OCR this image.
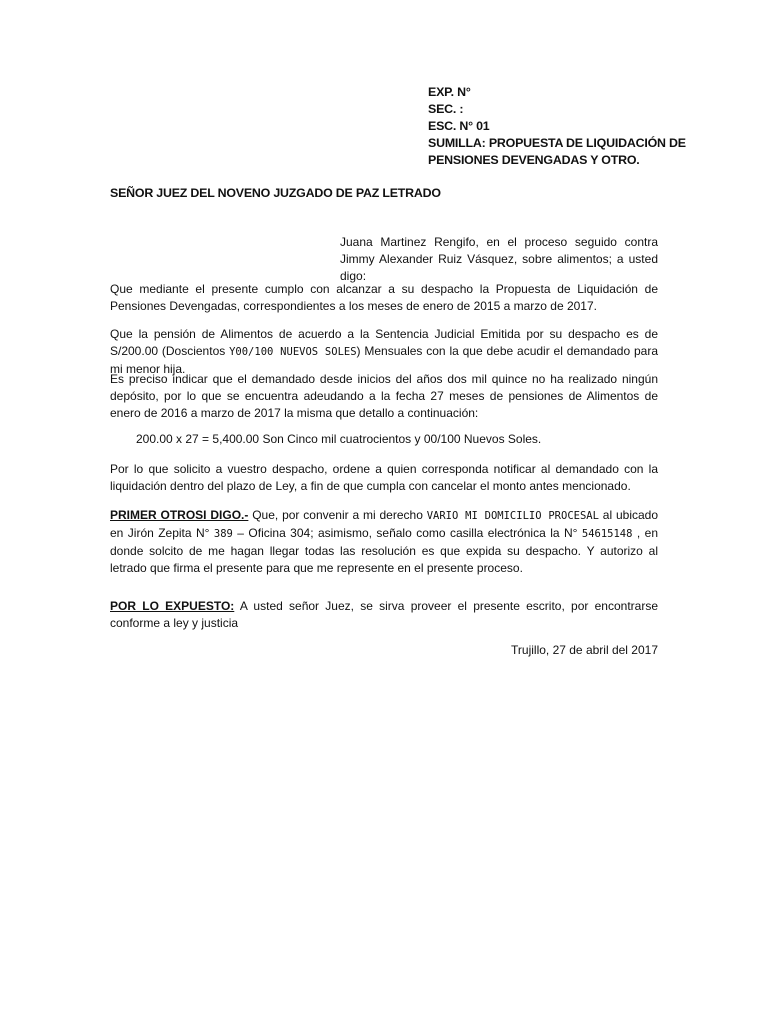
EXP. N°
SEC. :
ESC. N° 01
SUMILLA: PROPUESTA DE LIQUIDACIÓN DE
PENSIONES DEVENGADAS Y OTRO.
SEÑOR JUEZ DEL NOVENO JUZGADO DE PAZ LETRADO
Juana Martinez Rengifo, en el proceso seguido contra Jimmy Alexander Ruiz Vásquez, sobre alimentos; a usted digo:
Que mediante el presente cumplo con alcanzar a su despacho la Propuesta de Liquidación de Pensiones Devengadas, correspondientes a los meses de enero de 2015 a marzo de 2017.
Que la pensión de Alimentos de acuerdo a la Sentencia Judicial Emitida por su despacho es de S/200.00 (Doscientos Y00/100 NUEVOS SOLES) Mensuales con la que debe acudir el demandado para mi menor hija.
Es preciso indicar que el demandado desde inicios del años dos mil quince no ha realizado ningún depósito, por lo que se encuentra adeudando a la fecha 27 meses de pensiones de Alimentos de enero de 2016 a marzo de 2017 la misma que detallo a continuación:
200.00 x 27 = 5,400.00 Son Cinco mil cuatrocientos y 00/100 Nuevos Soles.
Por lo que solicito a vuestro despacho, ordene a quien corresponda notificar al demandado con la liquidación dentro del plazo de Ley, a fin de que cumpla con cancelar el monto antes mencionado.
PRIMER OTROSI DIGO.- Que, por convenir a mi derecho VARIO MI DOMICILIO PROCESAL al ubicado en Jirón Zepita N° 389 – Oficina 304; asimismo, señalo como casilla electrónica la N° 54615148 , en donde solcito de me hagan llegar todas las resolución es que expida su despacho. Y autorizo al letrado que firma el presente para que me represente en el presente proceso.
POR LO EXPUESTO: A usted señor Juez, se sirva proveer el presente escrito, por encontrarse conforme a ley y justicia
Trujillo, 27 de abril del 2017
